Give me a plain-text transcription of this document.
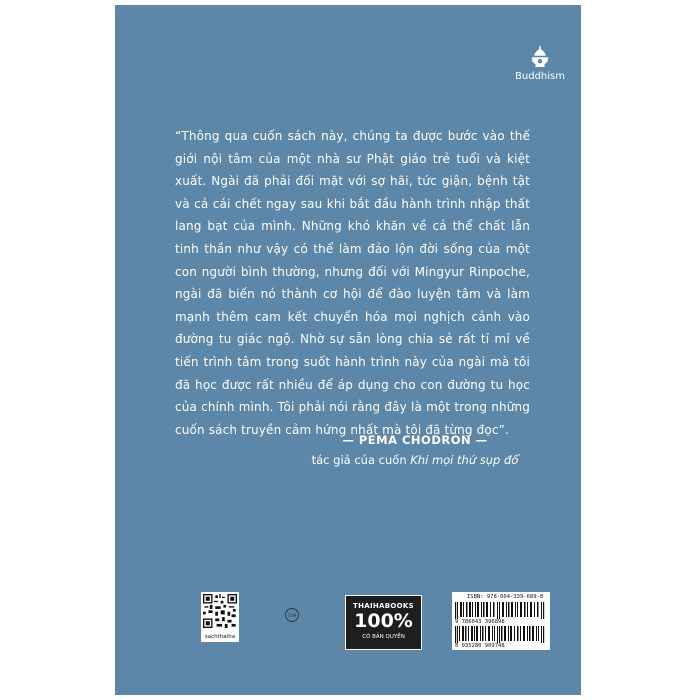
Buddhism

“Thông qua cuốn sách này, chúng ta được bước vào thế giới nội tâm của một nhà sư Phật giáo trẻ tuổi và kiệt xuất. Ngài đã phải đối mặt với sợ hãi, tức giận, bệnh tật và cả cái chết ngay sau khi bắt đầu hành trình nhập thất lang bạt của mình. Những khó khăn về cả thể chất lẫn tinh thần như vậy có thể làm đảo lộn đời sống của một con người bình thường, nhưng đối với Mingyur Rinpoche, ngài đã biến nó thành cơ hội để đào luyện tâm và làm mạnh thêm cam kết chuyển hóa mọi nghịch cảnh vào đường tu giác ngộ. Nhờ sự sẵn lòng chia sẻ rất tỉ mỉ về tiến trình tâm trong suốt hành trình này của ngài mà tôi đã học được rất nhiều để áp dụng cho con đường tu học của chính mình. Tôi phải nói rằng đây là một trong những cuốn sách truyền cảm hứng nhất mà tôi đã từng đọc”.

— PEMA CHODRON —
tác giả của cuốn Khi mọi thứ sụp đổ
sachthaiha
TEM
THAIHABOOKS
100%
CÓ BẢN QUYỀN
ISBN: 978-604-339-689-8
9 786043 396898
8 935280 909748
